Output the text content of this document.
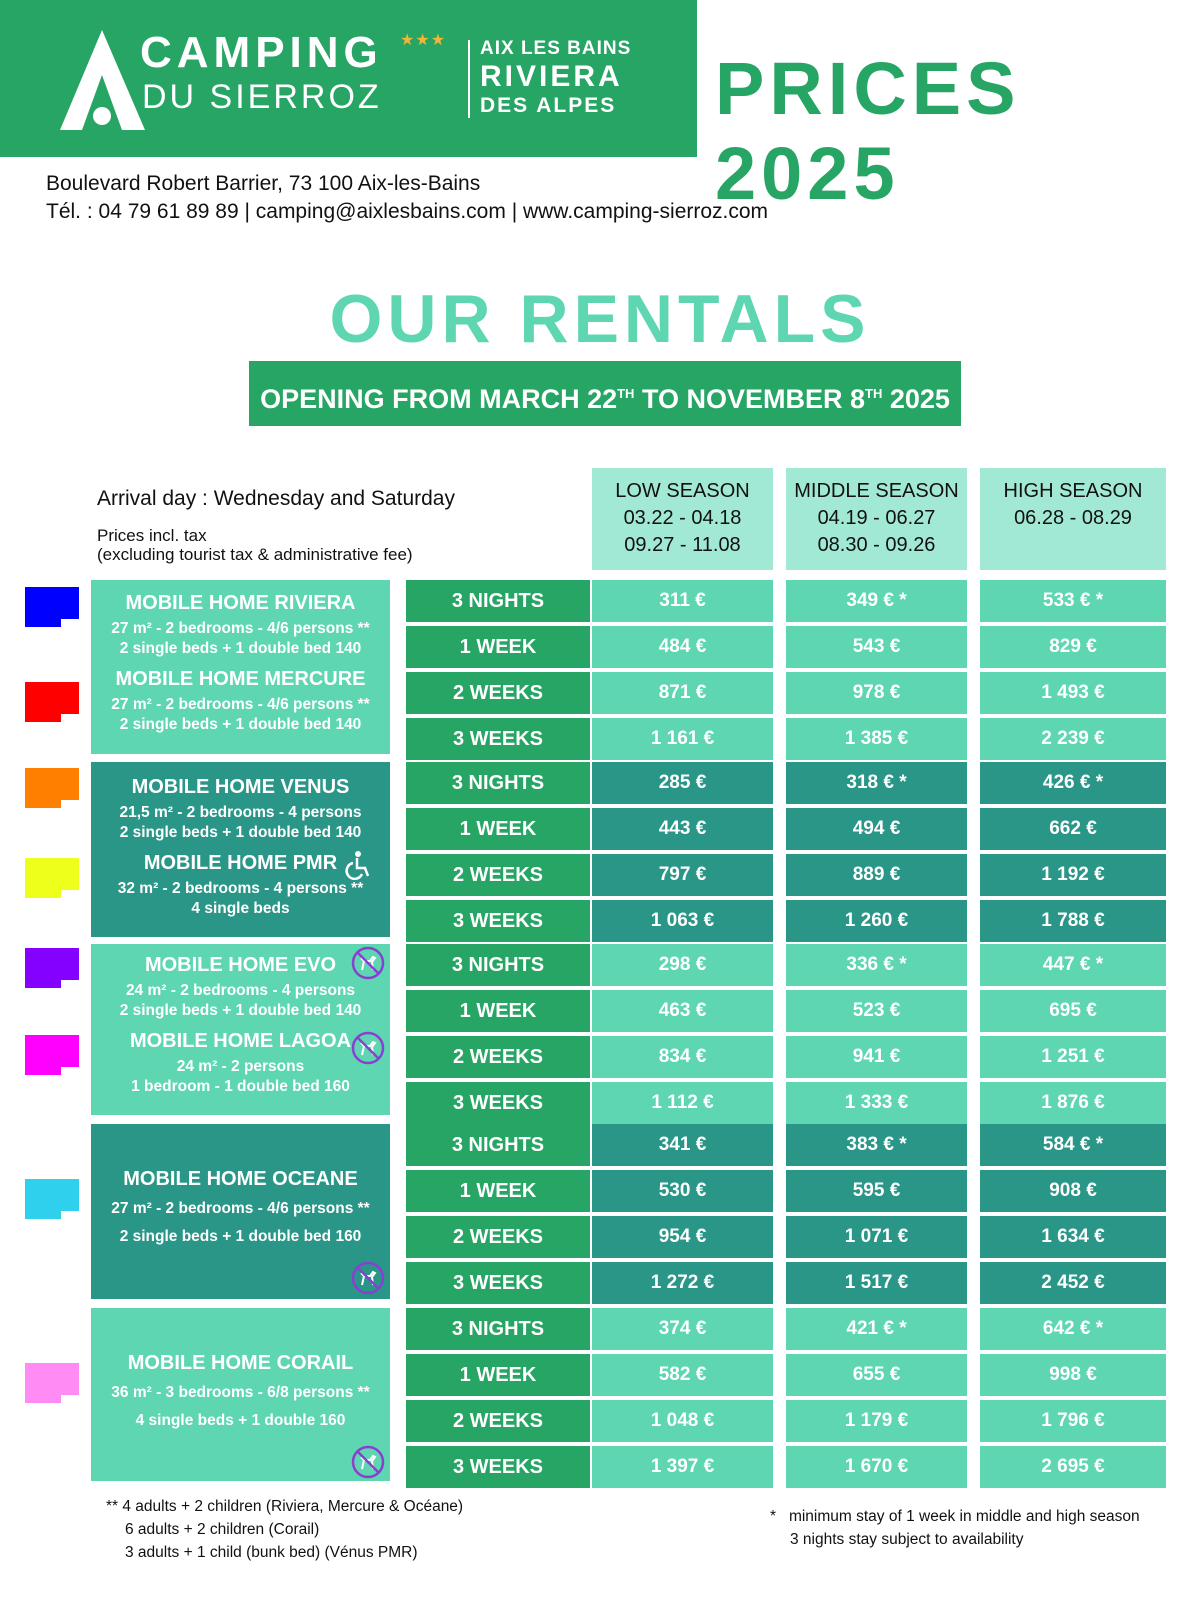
CAMPING
DU SIERROZ
★★★ AIX LES BAINS
RIVIERA
DES ALPES PRICES 2025
Boulevard Robert Barrier, 73 100 Aix-les-Bains
Tél. : 04 79 61 89 89 | camping@aixlesbains.com | www.camping-sierroz.com
OUR RENTALS
OPENING FROM MARCH 22TH TO NOVEMBER 8TH 2025
Arrival day : Wednesday and Saturday
Prices incl. tax
(excluding tourist tax & administrative fee)
LOW SEASON
03.22 - 04.18
09.27 - 11.08
MIDDLE SEASON
04.19 - 06.27
08.30 - 09.26
HIGH SEASON
06.28 - 08.29
MOBILE HOME RIVIERA
27 m² - 2 bedrooms - 4/6 persons **
2 single beds + 1 double bed 140
MOBILE HOME MERCURE
27 m² - 2 bedrooms - 4/6 persons **
2 single beds + 1 double bed 140
MOBILE HOME VENUS
21,5 m² - 2 bedrooms - 4 persons
2 single beds + 1 double bed 140
MOBILE HOME PMR
32 m² - 2 bedrooms - 4 persons **
4 single beds
MOBILE HOME EVO
24 m² - 2 bedrooms - 4 persons
2 single beds + 1 double bed 140
MOBILE HOME LAGOA
24 m² - 2 persons
1 bedroom - 1 double bed 160
MOBILE HOME OCEANE
27 m² - 2 bedrooms - 4/6 persons **
2 single beds + 1 double bed 160
MOBILE HOME CORAIL
36 m² - 3 bedrooms - 6/8 persons **
4 single beds + 1 double 160
3 NIGHTS	311 €	349 € *	533 € *
1 WEEK	484 €	543 €	829 €
2 WEEKS	871 €	978 €	1 493 €
3 WEEKS	1 161 €	1 385 €	2 239 €
3 NIGHTS	285 €	318 € *	426 € *
1 WEEK	443 €	494 €	662 €
2 WEEKS	797 €	889 €	1 192 €
3 WEEKS	1 063 €	1 260 €	1 788 €
3 NIGHTS	298 €	336 € *	447 € *
1 WEEK	463 €	523 €	695 €
2 WEEKS	834 €	941 €	1 251 €
3 WEEKS	1 112 €	1 333 €	1 876 €
3 NIGHTS	341 €	383 € *	584 € *
1 WEEK	530 €	595 €	908 €
2 WEEKS	954 €	1 071 €	1 634 €
3 WEEKS	1 272 €	1 517 €	2 452 €
3 NIGHTS	374 €	421 € *	642 € *
1 WEEK	582 €	655 €	998 €
2 WEEKS	1 048 €	1 179 €	1 796 €
3 WEEKS	1 397 €	1 670 €	2 695 €
** 4 adults + 2 children (Riviera, Mercure & Océane)
6 adults + 2 children (Corail)
3 adults + 1 child (bunk bed) (Vénus PMR)
*   minimum stay of 1 week in middle and high season
3 nights stay subject to availability
